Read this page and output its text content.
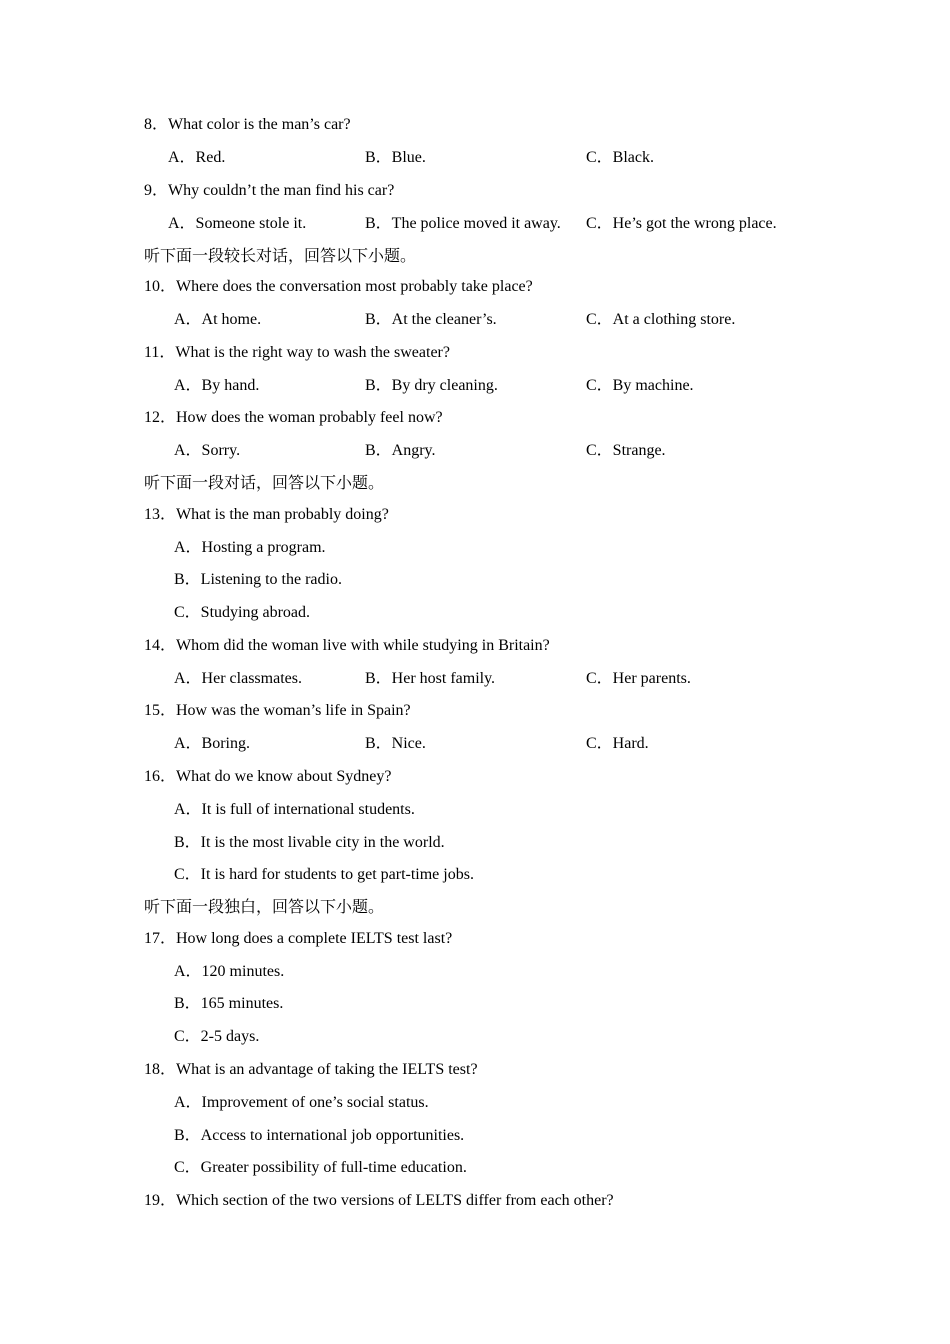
8．What color is the man’s car?
A．Red.	B．Blue.	C．Black.
9．Why couldn’t the man find his car?
A．Someone stole it.	B．The police moved it away. C．He’s got the wrong place.
听下面一段较长对话，回答以下小题。
10．Where does the conversation most probably take place?
A．At home.	B．At the cleaner’s.	C．At a clothing store.
11．What is the right way to wash the sweater?
A．By hand.	B．By dry cleaning.	C．By machine.
12．How does the woman probably feel now?
A．Sorry.	B．Angry.	C．Strange.
听下面一段对话，回答以下小题。
13．What is the man probably doing?
A．Hosting a program.
B．Listening to the radio.
C．Studying abroad.
14．Whom did the woman live with while studying in Britain?
A．Her classmates.	B．Her host family.	C．Her parents.
15．How was the woman’s life in Spain?
A．Boring.	B．Nice.	C．Hard.
16．What do we know about Sydney?
A．It is full of international students.
B．It is the most livable city in the world.
C．It is hard for students to get part-time jobs.
听下面一段独白，回答以下小题。
17．How long does a complete IELTS test last?
A．120 minutes.
B．165 minutes.
C．2-5 days.
18．What is an advantage of taking the IELTS test?
A．Improvement of one’s social status.
B．Access to international job opportunities.
C．Greater possibility of full-time education.
19．Which section of the two versions of LELTS differ from each other?
